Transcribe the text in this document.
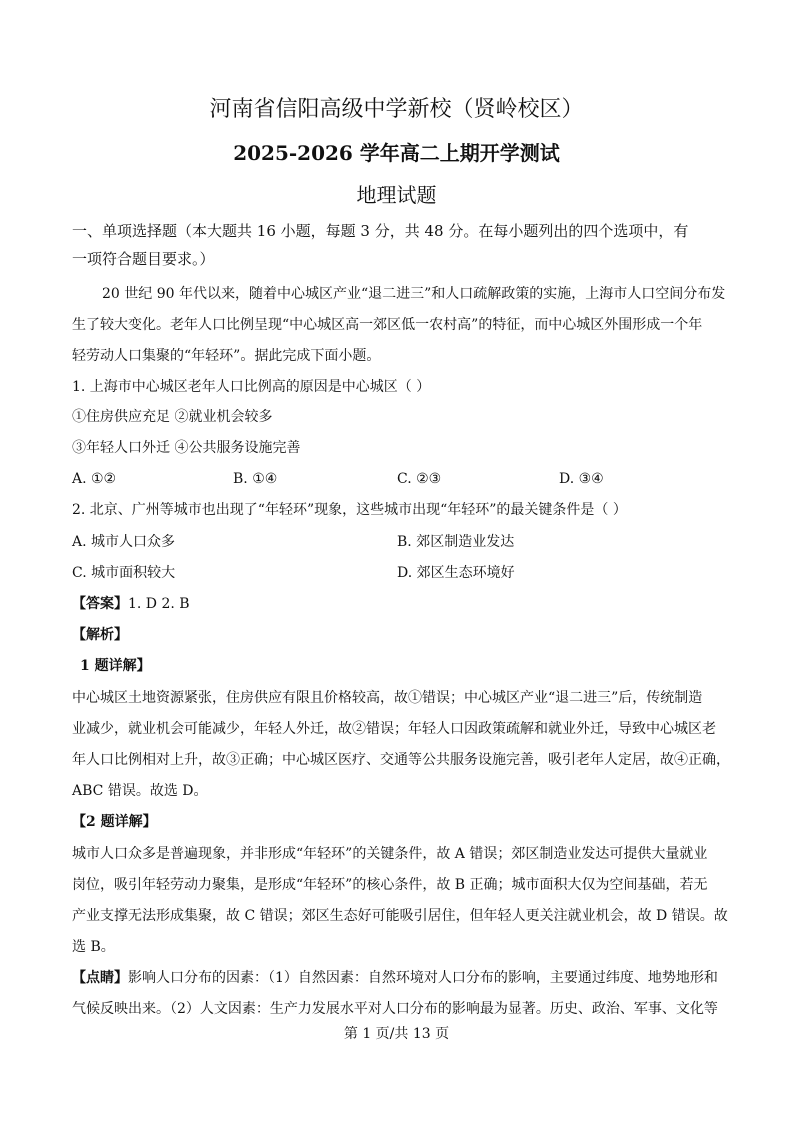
河南省信阳高级中学新校（贤岭校区）
2025-2026 学年高二上期开学测试
地理试题
一、单项选择题（本大题共 16 小题，每题 3 分，共 48 分。在每小题列出的四个选项中，有
一项符合题目要求。）
20 世纪 90 年代以来，随着中心城区产业“退二进三”和人口疏解政策的实施，上海市人口空间分布发
生了较大变化。老年人口比例呈现“中心城区高一郊区低一农村高”的特征，而中心城区外围形成一个年
轻劳动人口集聚的“年轻环”。据此完成下面小题。
1. 上海市中心城区老年人口比例高的原因是中心城区（ ）
①住房供应充足 ②就业机会较多
③年轻人口外迁 ④公共服务设施完善
A. ①②	B. ①④	C. ②③	D. ③④
2. 北京、广州等城市也出现了“年轻环”现象，这些城市出现“年轻环”的最关键条件是（ ）
A. 城市人口众多	B. 郊区制造业发达
C. 城市面积较大	D. 郊区生态环境好
【答案】1. D 2. B
【解析】
1 题详解】
中心城区土地资源紧张，住房供应有限且价格较高，故①错误；中心城区产业“退二进三”后，传统制造
业减少，就业机会可能减少，年轻人外迁，故②错误；年轻人口因政策疏解和就业外迁，导致中心城区老
年人口比例相对上升，故③正确；中心城区医疗、交通等公共服务设施完善，吸引老年人定居，故④正确，
ABC 错误。故选 D。
【2 题详解】
城市人口众多是普遍现象，并非形成“年轻环”的关键条件，故 A 错误；郊区制造业发达可提供大量就业
岗位，吸引年轻劳动力聚集，是形成“年轻环”的核心条件，故 B 正确；城市面积大仅为空间基础，若无
产业支撑无法形成集聚，故 C 错误；郊区生态好可能吸引居住，但年轻人更关注就业机会，故 D 错误。故
选 B。
【点睛】影响人口分布的因素：（1）自然因素：自然环境对人口分布的影响，主要通过纬度、地势地形和
气候反映出来。（2）人文因素：生产力发展水平对人口分布的影响最为显著。历史、政治、军事、文化等
第 1 页/共 13 页
